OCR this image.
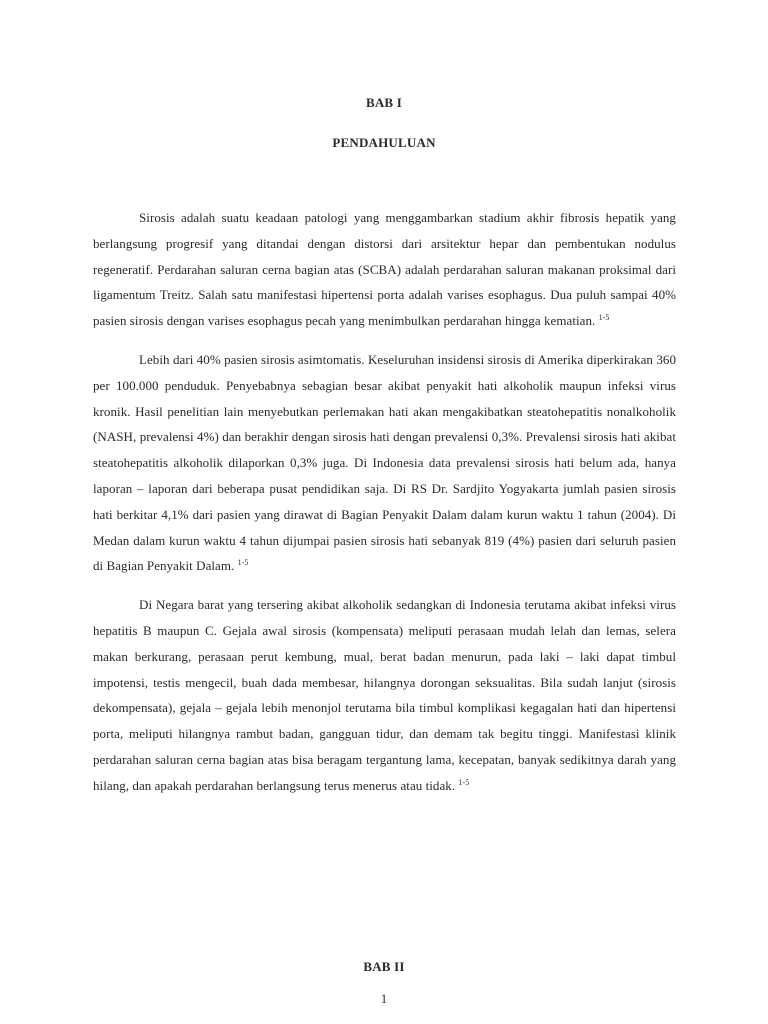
BAB I
PENDAHULUAN

Sirosis adalah suatu keadaan patologi yang menggambarkan stadium akhir fibrosis hepatik yang berlangsung progresif yang ditandai dengan distorsi dari arsitektur hepar dan pembentukan nodulus regeneratif. Perdarahan saluran cerna bagian atas (SCBA) adalah perdarahan saluran makanan proksimal dari ligamentum Treitz. Salah satu manifestasi hipertensi porta adalah varises esophagus. Dua puluh sampai 40% pasien sirosis dengan varises esophagus pecah yang menimbulkan perdarahan hingga kematian. $^{1-5}$

Lebih dari 40% pasien sirosis asimtomatis. Keseluruhan insidensi sirosis di Amerika diperkirakan 360 per 100.000 penduduk. Penyebabnya sebagian besar akibat penyakit hati alkoholik maupun infeksi virus kronik. Hasil penelitian lain menyebutkan perlemakan hati akan mengakibatkan steatohepatitis nonalkoholik (NASH, prevalensi 4%) dan berakhir dengan sirosis hati dengan prevalensi 0,3%. Prevalensi sirosis hati akibat steatohepatitis alkoholik dilaporkan 0,3% juga. Di Indonesia data prevalensi sirosis hati belum ada, hanya laporan – laporan dari beberapa pusat pendidikan saja. Di RS Dr. Sardjito Yogyakarta jumlah pasien sirosis hati berkitar 4,1% dari pasien yang dirawat di Bagian Penyakit Dalam dalam kurun waktu 1 tahun (2004). Di Medan dalam kurun waktu 4 tahun dijumpai pasien sirosis hati sebanyak 819 (4%) pasien dari seluruh pasien di Bagian Penyakit Dalam. $^{1-5}$

Di Negara barat yang tersering akibat alkoholik sedangkan di Indonesia terutama akibat infeksi virus hepatitis B maupun C. Gejala awal sirosis (kompensata) meliputi perasaan mudah lelah dan lemas, selera makan berkurang, perasaan perut kembung, mual, berat badan menurun, pada laki – laki dapat timbul impotensi, testis mengecil, buah dada membesar, hilangnya dorongan seksualitas. Bila sudah lanjut (sirosis dekompensata), gejala – gejala lebih menonjol terutama bila timbul komplikasi kegagalan hati dan hipertensi porta, meliputi hilangnya rambut badan, gangguan tidur, dan demam tak begitu tinggi. Manifestasi klinik perdarahan saluran cerna bagian atas bisa beragam tergantung lama, kecepatan, banyak sedikitnya darah yang hilang, dan apakah perdarahan berlangsung terus menerus atau tidak. $^{1-5}$

BAB II
1
